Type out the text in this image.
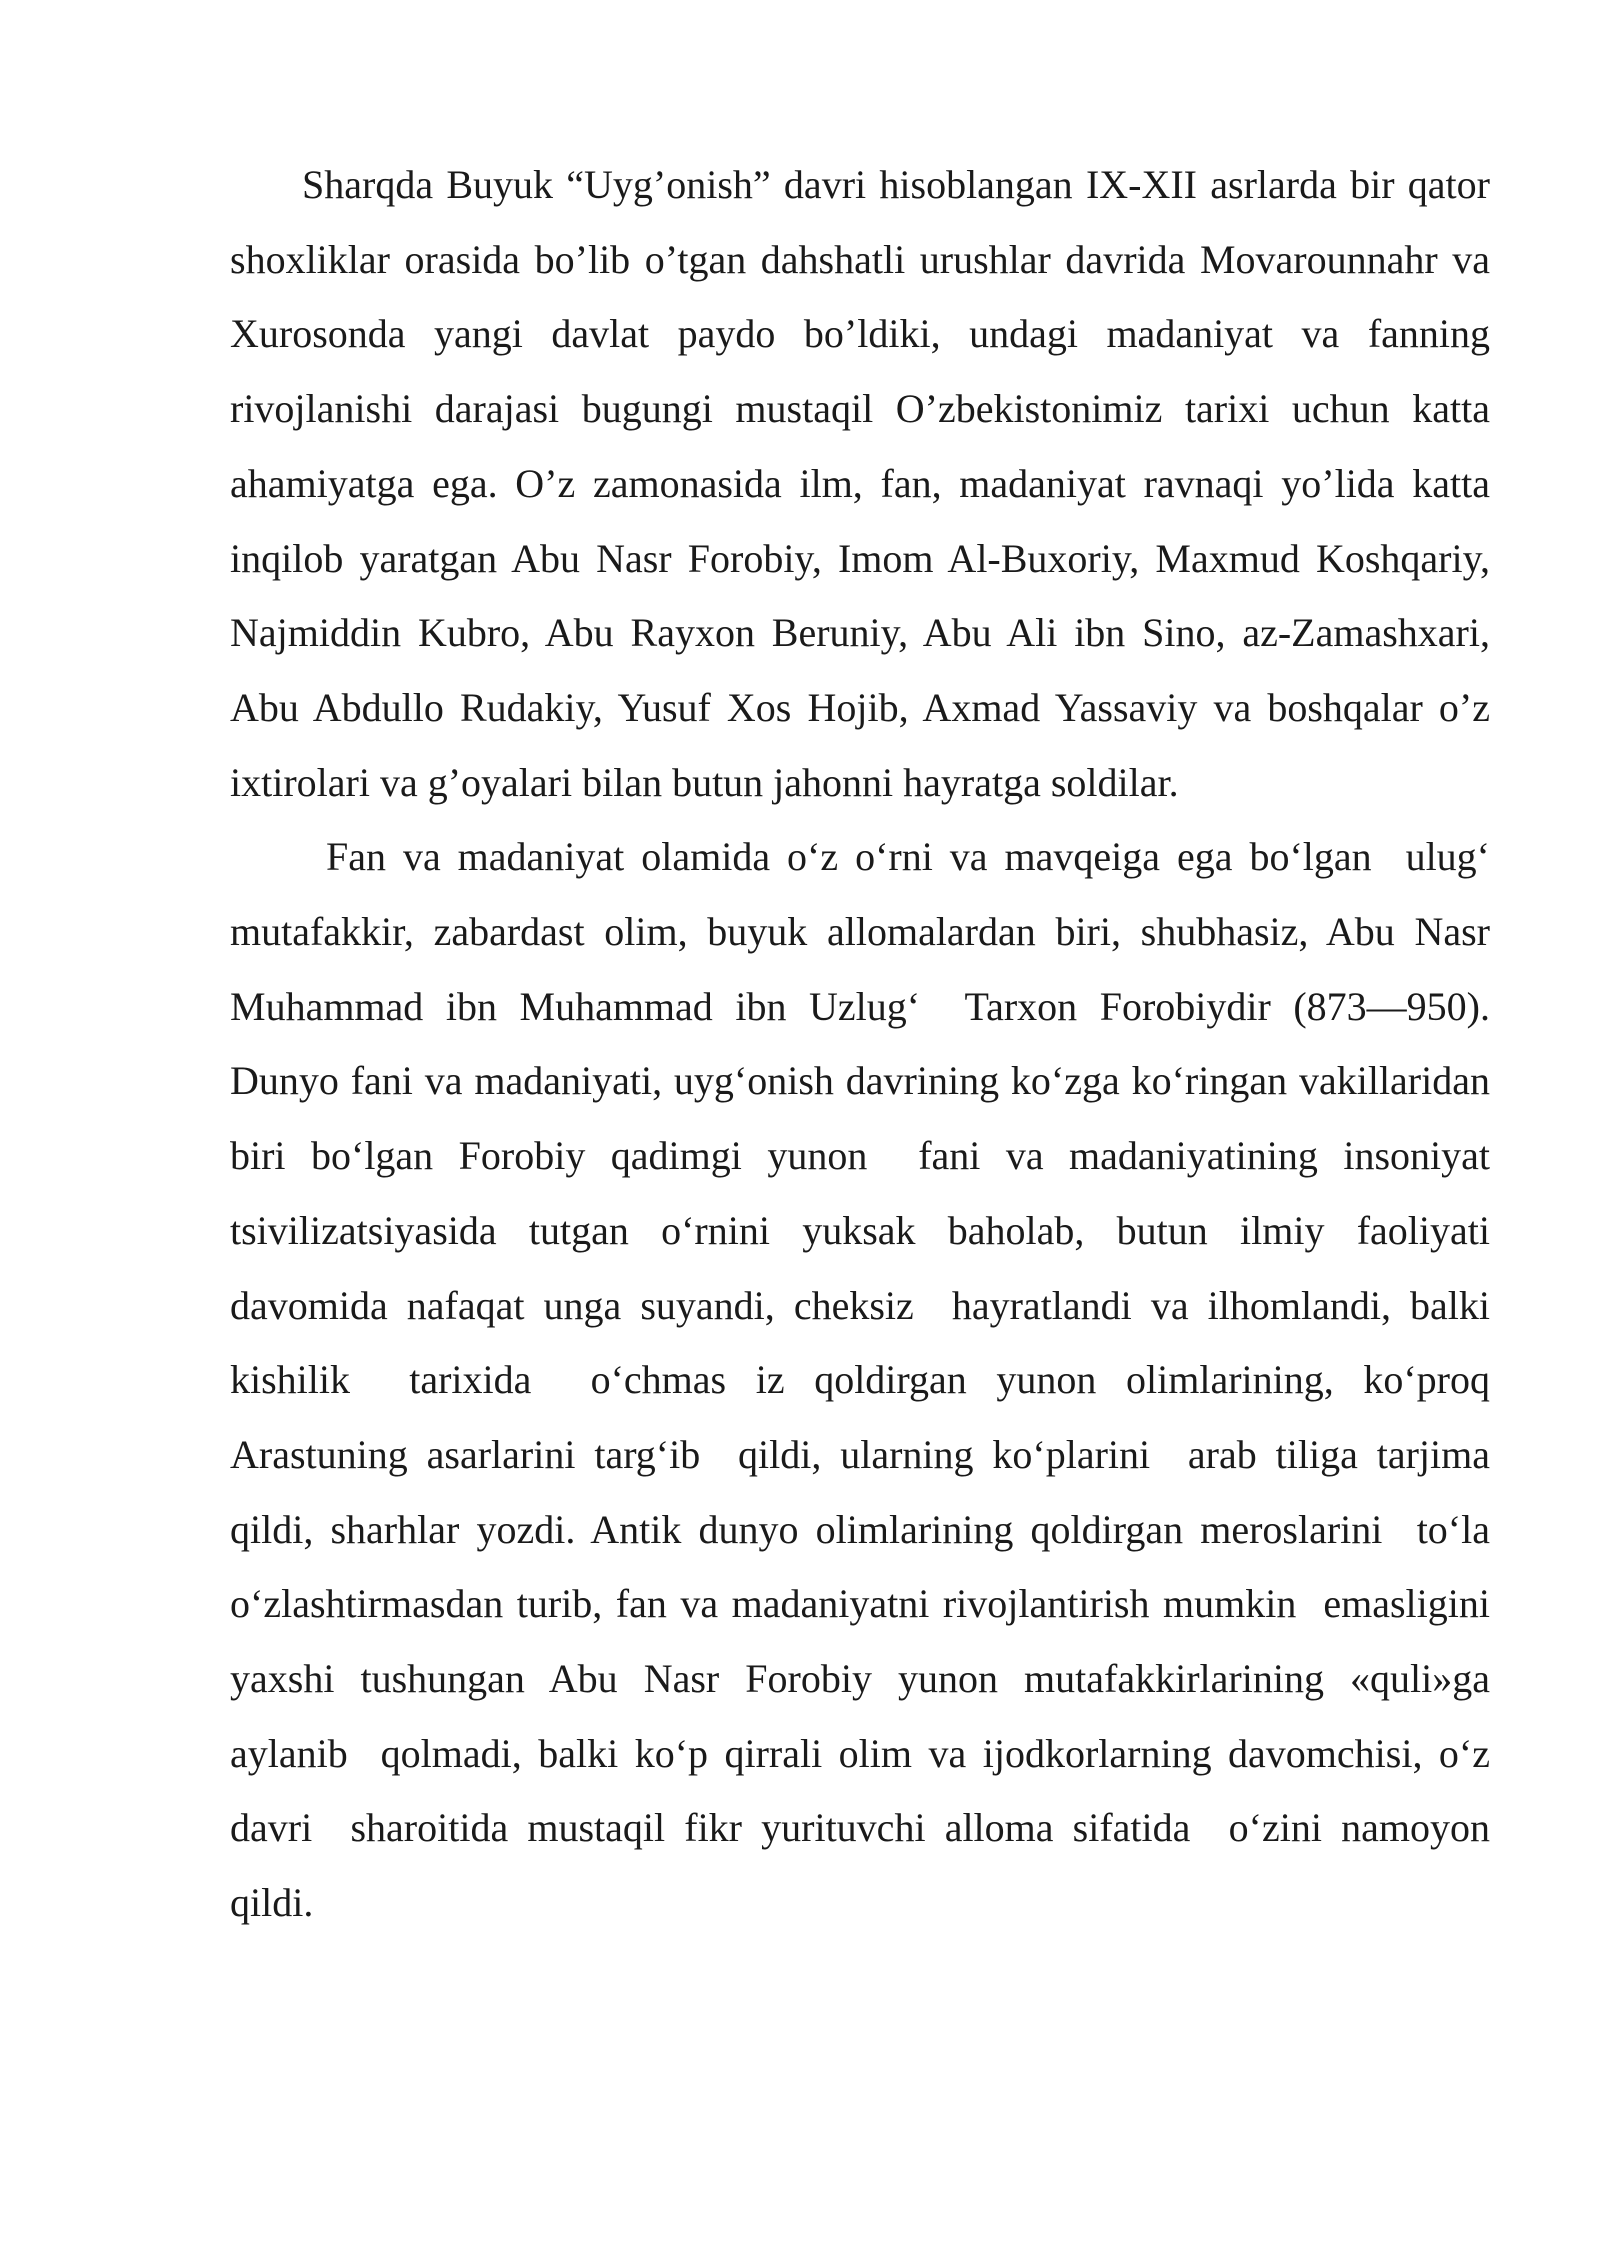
Sharqda Buyuk “Uyg’onish” davri hisoblangan IX-XII asrlarda bir qator shoxliklar orasida bo’lib o’tgan dahshatli urushlar davrida Movarounnahr va Xurosonda yangi davlat paydo bo’ldiki, undagi madaniyat va fanning rivojlanishi darajasi bugungi mustaqil O’zbekistonimiz tarixi uchun katta ahamiyatga ega. O’z zamonasida ilm, fan, madaniyat ravnaqi yo’lida katta inqilob yaratgan Abu Nasr Forobiy, Imom Al-Buxoriy, Maxmud Koshqariy, Najmiddin Kubro, Abu Rayxon Beruniy, Abu Ali ibn Sino, az-Zamashxari, Abu Abdullo Rudakiy, Yusuf Xos Hojib, Axmad Yassaviy va boshqalar o’z ixtirolari va g’oyalari bilan butun jahonni hayratga soldilar.

Fan va madaniyat olamida o‘z o‘rni va mavqeiga ega bo‘lgan  ulug‘ mutafakkir, zabardast olim, buyuk allomalardan biri, shubhasiz, Abu Nasr Muhammad ibn Muhammad ibn Uzlug‘  Tarxon Forobiydir (873—950). Dunyo fani va madaniyati, uyg‘onish davrining ko‘zga ko‘ringan vakillaridan biri bo‘lgan Forobiy qadimgi yunon  fani va madaniyatining insoniyat  tsivilizatsiyasida tutgan o‘rnini yuksak baholab, butun ilmiy faoliyati davomida nafaqat unga suyandi, cheksiz  hayratlandi va ilhomlandi, balki kishilik  tarixida  o‘chmas iz qoldirgan yunon olimlarining, ko‘proq  Arastuning asarlarini targ‘ib  qildi, ularning ko‘plarini  arab tiliga tarjima qildi, sharhlar yozdi. Antik dunyo olimlarining qoldirgan meroslarini  to‘la o‘zlashtirmasdan turib, fan va madaniyatni rivojlantirish mumkin  emasligini yaxshi tushungan Abu Nasr Forobiy yunon mutafakkirlarining «quli»ga aylanib  qolmadi, balki ko‘p qirrali olim va ijodkorlarning davomchisi, o‘z davri  sharoitida mustaqil fikr yurituvchi alloma sifatida  o‘zini namoyon qildi.
